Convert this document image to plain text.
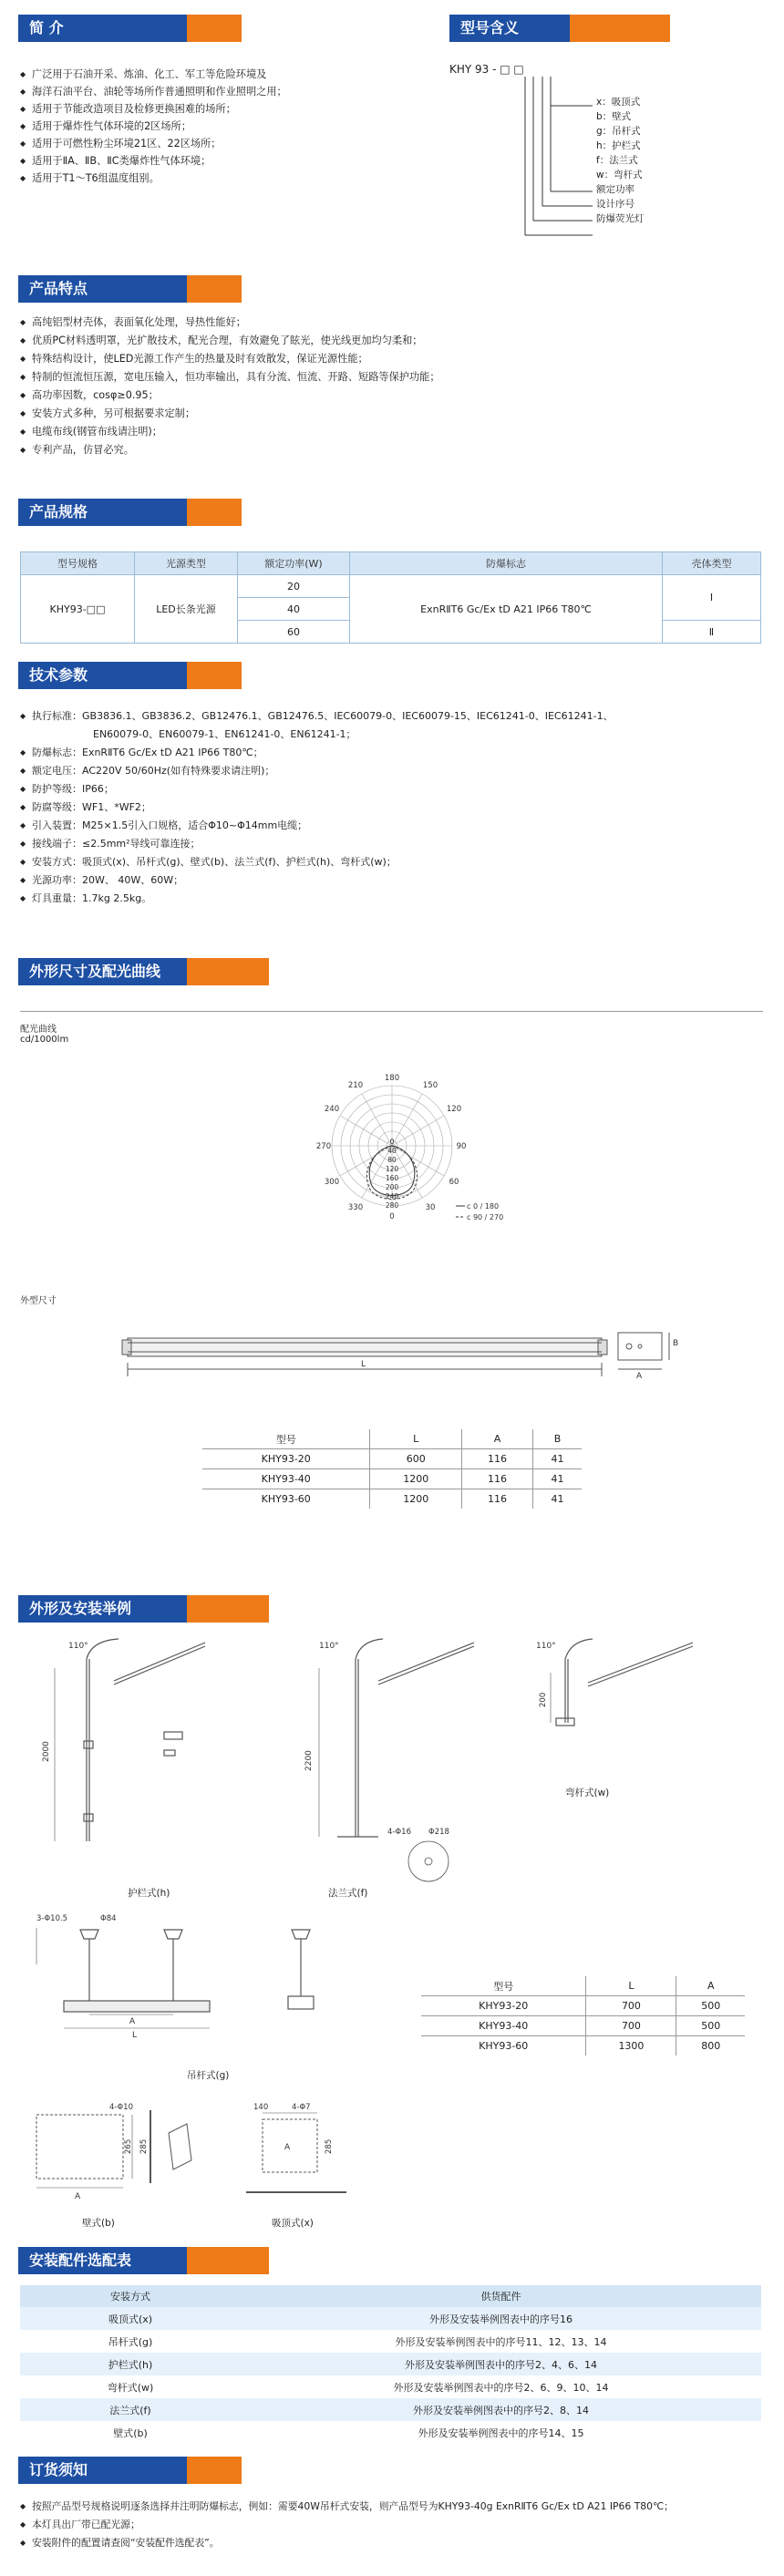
简 介
◆ 广泛用于石油开采、炼油、化工、军工等危险环境及
◆ 海洋石油平台、油轮等场所作普通照明和作业照明之用；
◆ 适用于节能改造项目及检修更换困难的场所；
◆ 适用于爆炸性气体环境的2区场所；
◆ 适用于可燃性粉尘环境21区、22区场所；
◆ 适用于ⅡA、ⅡB、ⅡC类爆炸性气体环境；
◆ 适用于T1～T6组温度组别。
型号含义
KHY 93 - □ □
x：吸顶式
b：壁式
g：吊杆式
h：护栏式
f：法兰式
w：弯杆式
额定功率
设计序号
防爆荧光灯
产品特点
◆ 高纯铝型材壳体，表面氧化处理，导热性能好；
◆ 优质PC材料透明罩，光扩散技术，配光合理，有效避免了眩光，使光线更加均匀柔和；
◆ 特殊结构设计，使LED光源工作产生的热量及时有效散发，保证光源性能；
◆ 特制的恒流恒压源，宽电压输入，恒功率输出，具有分流、恒流、开路、短路等保护功能；
◆ 高功率因数，cosφ≥0.95；
◆ 安装方式多种，另可根据要求定制；
◆ 电缆布线(钢管布线请注明)；
◆ 专利产品，仿冒必究。
产品规格
型号规格	光源类型	额定功率(W)	防爆标志	壳体类型
KHY93-□□	LED长条光源	20	ExnRⅡT6 Gc/Ex tD A21 IP66 T80℃	Ⅰ
		40		
		60		Ⅱ
技术参数
◆ 执行标准：GB3836.1、GB3836.2、GB12476.1、GB12476.5、IEC60079-0、IEC60079-15、IEC61241-0、IEC61241-1、
EN60079-0、EN60079-1、EN61241-0、EN61241-1；
◆ 防爆标志：ExnRⅡT6 Gc/Ex tD A21 IP66 T80℃；
◆ 额定电压：AC220V 50/60Hz(如有特殊要求请注明)；
◆ 防护等级：IP66；
◆ 防腐等级：WF1、*WF2；
◆ 引入装置：M25×1.5引入口规格，适合Φ10~Φ14mm电缆；
◆ 接线端子：≤2.5mm²导线可靠连接；
◆ 安装方式：吸顶式(x)、吊杆式(g)、壁式(b)、法兰式(f)、护栏式(h)、弯杆式(w)；
◆ 光源功率：20W、 40W、60W；
◆ 灯具重量：1.7kg 2.5kg。
外形尺寸及配光曲线
配光曲线
cd/1000lm
180
210	150
240	120
270	90
300	60
330	30
0
0
40
80
120
160
200
240
280	c 0 / 180
c 90 / 270
外型尺寸
L
A
B
型号	L	A	B
KHY93-20	600	116	41
KHY93-40	1200	116	41
KHY93-60	1200	116	41
外形及安装举例
110°
2000
护栏式(h)
110°
2200
4-Φ16 Φ218
法兰式(f)
110°
200
弯杆式(w)
3-Φ10.5	Φ84
L
A
吊杆式(g)
型号	L	A
KHY93-20	700	500
KHY93-40	700	500
KHY93-60	1300	800
4-Φ10
265 285
A
140	4-Φ7
285
A
壁式(b)	吸顶式(x)
安装配件选配表
安装方式	供货配件
吸顶式(x)	外形及安装举例图表中的序号16
吊杆式(g)	外形及安装举例图表中的序号11、12、13、14
护栏式(h)	外形及安装举例图表中的序号2、4、6、14
弯杆式(w)	外形及安装举例图表中的序号2、6、9、10、14
法兰式(f)	外形及安装举例图表中的序号2、8、14
壁式(b)	外形及安装举例图表中的序号14、15
订货须知
◆ 按照产品型号规格说明逐条选择并注明防爆标志，例如：需要40W吊杆式安装，则产品型号为KHY93-40g ExnRⅡT6 Gc/Ex tD A21 IP66 T80℃；
◆ 本灯具出厂带已配光源；
◆ 安装附件的配置请查阅“安装配件选配表”。
